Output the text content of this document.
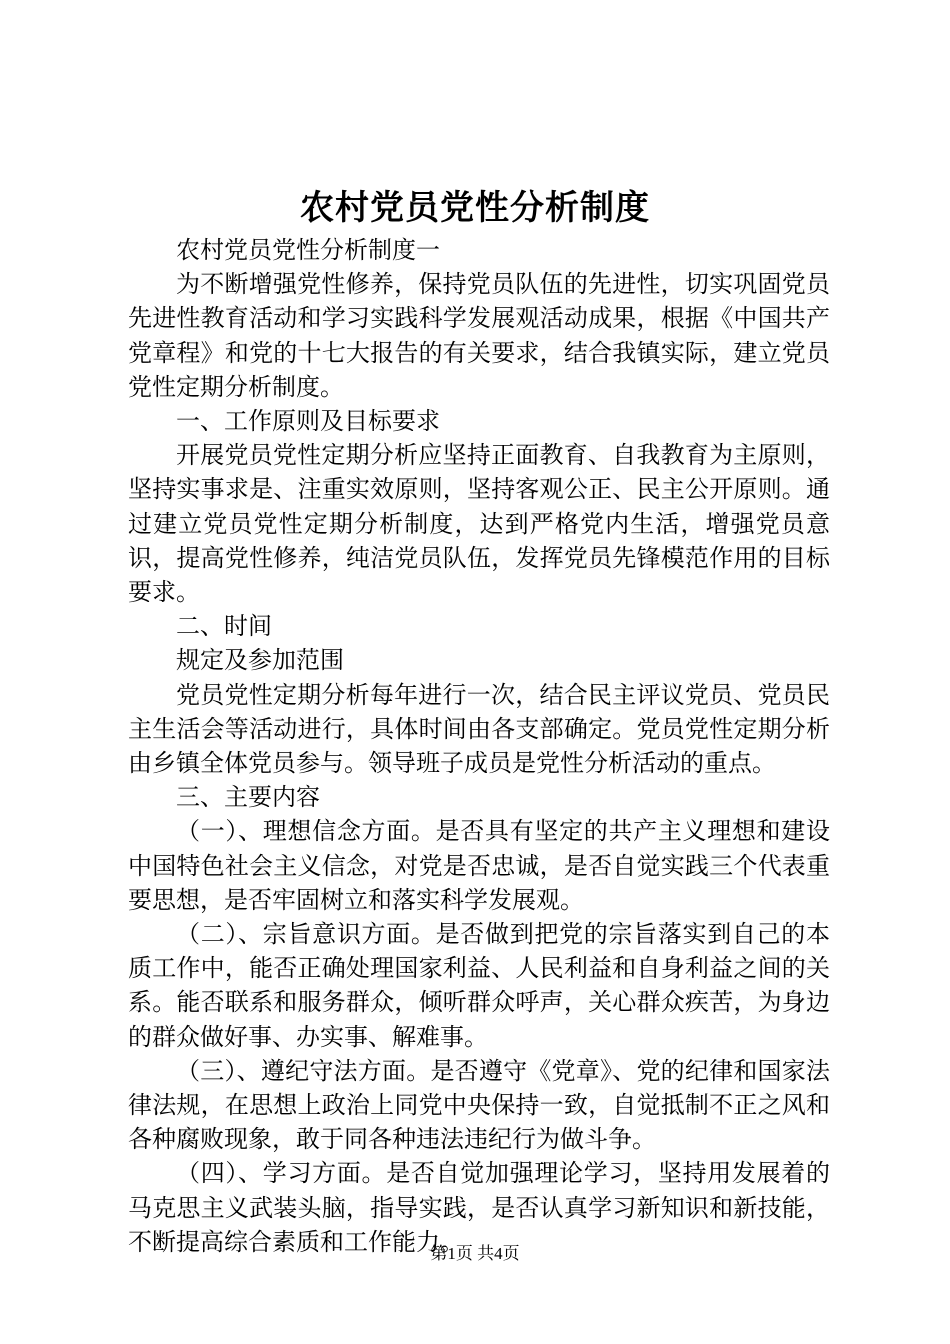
农村党员党性分析制度

农村党员党性分析制度一

为不断增强党性修养，保持党员队伍的先进性，切实巩固党员先进性教育活动和学习实践科学发展观活动成果，根据《中国共产党章程》和党的十七大报告的有关要求，结合我镇实际，建立党员党性定期分析制度。

一、工作原则及目标要求

开展党员党性定期分析应坚持正面教育、自我教育为主原则，坚持实事求是、注重实效原则，坚持客观公正、民主公开原则。通过建立党员党性定期分析制度，达到严格党内生活，增强党员意识，提高党性修养，纯洁党员队伍，发挥党员先锋模范作用的目标要求。

二、时间

规定及参加范围

党员党性定期分析每年进行一次，结合民主评议党员、党员民主生活会等活动进行，具体时间由各支部确定。党员党性定期分析由乡镇全体党员参与。领导班子成员是党性分析活动的重点。

三、主要内容

（一）、理想信念方面。是否具有坚定的共产主义理想和建设中国特色社会主义信念，对党是否忠诚，是否自觉实践三个代表重要思想，是否牢固树立和落实科学发展观。

（二）、宗旨意识方面。是否做到把党的宗旨落实到自己的本质工作中，能否正确处理国家利益、人民利益和自身利益之间的关系。能否联系和服务群众，倾听群众呼声，关心群众疾苦，为身边的群众做好事、办实事、解难事。

（三）、遵纪守法方面。是否遵守《党章》、党的纪律和国家法律法规，在思想上政治上同党中央保持一致，自觉抵制不正之风和各种腐败现象，敢于同各种违法违纪行为做斗争。

（四）、学习方面。是否自觉加强理论学习，坚持用发展着的马克思主义武装头脑，指导实践，是否认真学习新知识和新技能，不断提高综合素质和工作能力。

第1页 共4页
